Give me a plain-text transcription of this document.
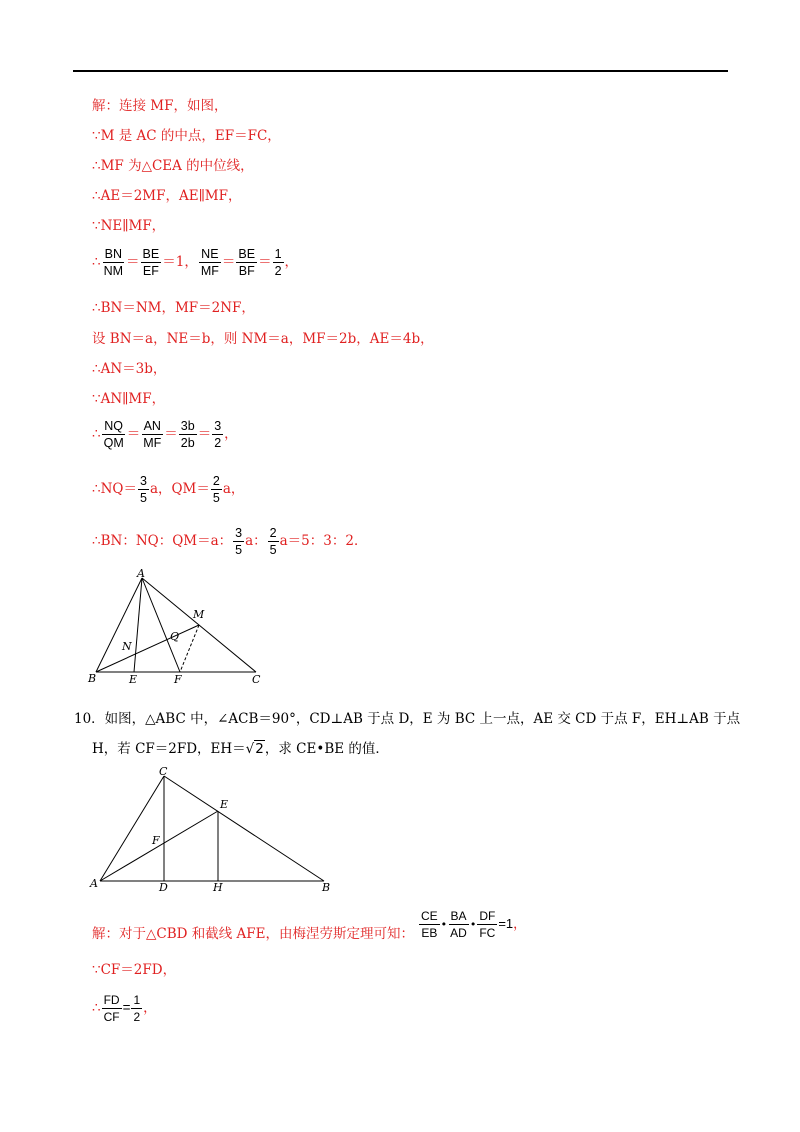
解：连接 MF，如图，
∵M 是 AC 的中点，EF＝FC，
∴MF 为△CEA 的中位线，
∴AE＝2MF，AE∥MF，
∵NE∥MF，
∴ $\frac{BN}{NM} = \frac{BE}{EF} =1$， $\frac{NE}{MF} = \frac{BE}{BF} = \frac{1}{2}$ ，
∴BN＝NM，MF＝2NF，
设 BN＝a，NE＝b，则 NM＝a，MF＝2b，AE＝4b，
∴AN＝3b，
∵AN∥MF，
∴ $\frac{NQ}{QM} = \frac{AN}{MF} = \frac{3b}{2b} = \frac{3}{2}$ ，
∴NQ＝ $\frac{3}{5}$ a，$QM= \frac{2}{5}$ a，
∴BN：NQ：QM＝a： $\frac{3}{5}$ a： $\frac{2}{5} a=5$：3：2．
A
M
Q
N
B	E	F	C
10．如图，△ABC 中，∠ACB＝90°，CD⊥AB 于点 D，E 为 BC 上一点，AE 交 CD 于点 F，EH⊥AB 于点
H，若 CF＝2FD，EH＝√2，求 CE•BE 的值．
C
E
F
A	D	H	B
解：对于△CBD 和截线 AFE，由梅涅劳斯定理可知： $\frac{CE}{EB}$ • $\frac{BA}{AD}$ • $\frac{DF}{FC} =1$，
∵CF＝2FD，
∴ $\frac{FD}{CF} = \frac{1}{2}$ ，
